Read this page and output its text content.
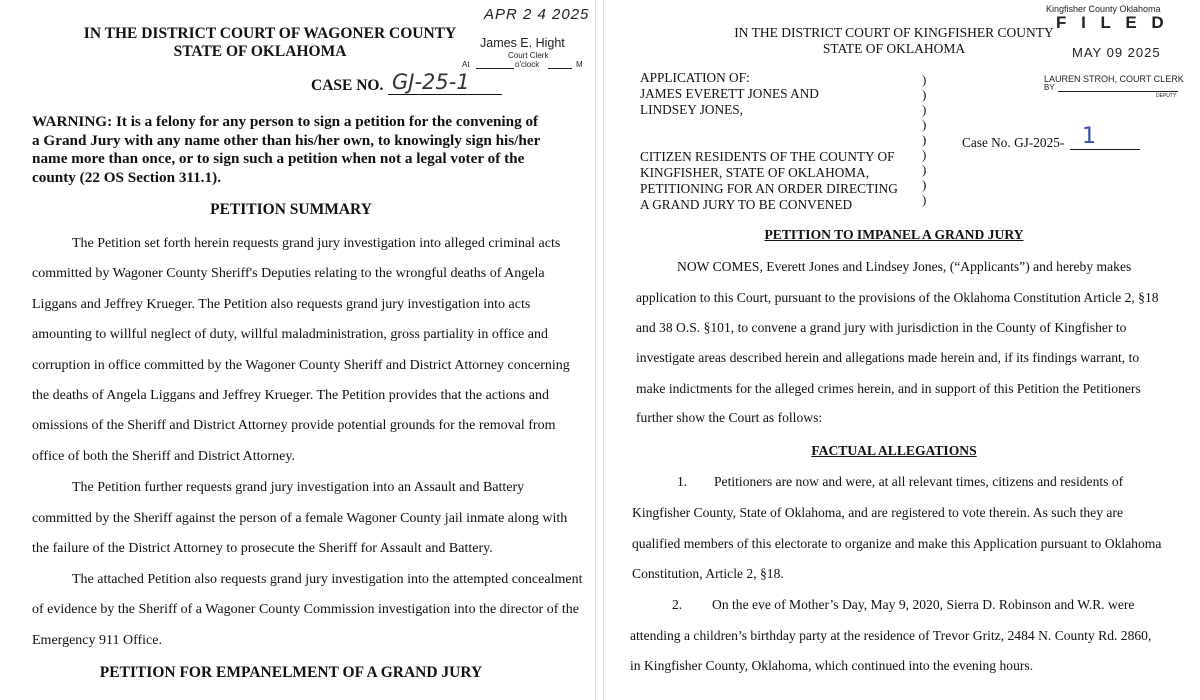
APR 2 4 2025
IN THE DISTRICT COURT OF WAGONER COUNTY
STATE OF OKLAHOMA	James E. Hight
Court Clerk
At	o'clock	M
CASE NO. GJ-25-1
WARNING: It is a felony for any person to sign a petition for the convening of
a Grand Jury with any name other than his/her own, to knowingly sign his/her
name more than once, or to sign such a petition when not a legal voter of the
county (22 OS Section 311.1).
PETITION SUMMARY
The Petition set forth herein requests grand jury investigation into alleged criminal acts
committed by Wagoner County Sheriff's Deputies relating to the wrongful deaths of Angela
Liggans and Jeffrey Krueger. The Petition also requests grand jury investigation into acts
amounting to willful neglect of duty, willful maladministration, gross partiality in office and
corruption in office committed by the Wagoner County Sheriff and District Attorney concerning
the deaths of Angela Liggans and Jeffrey Krueger. The Petition provides that the actions and
omissions of the Sheriff and District Attorney provide potential grounds for the removal from
office of both the Sheriff and District Attorney.
The Petition further requests grand jury investigation into an Assault and Battery
committed by the Sheriff against the person of a female Wagoner County jail inmate along with
the failure of the District Attorney to prosecute the Sheriff for Assault and Battery.
The attached Petition also requests grand jury investigation into the attempted concealment
of evidence by the Sheriff of a Wagoner County Commission investigation into the director of the
Emergency 911 Office.
PETITION FOR EMPANELMENT OF A GRAND JURY
Kingfisher County Oklahoma
F I L E D
MAY 09 2025
LAUREN STROH, COURT CLERK
BY
DEPUTY
IN THE DISTRICT COURT OF KINGFISHER COUNTY
STATE OF OKLAHOMA
APPLICATION OF:
JAMES EVERETT JONES AND
LINDSEY JONES,
CITIZEN RESIDENTS OF THE COUNTY OF
KINGFISHER, STATE OF OKLAHOMA,
PETITIONING FOR AN ORDER DIRECTING
A GRAND JURY TO BE CONVENED
)
)
)
)
)
)
)
)
)
Case No. GJ-2025- 1
PETITION TO IMPANEL A GRAND JURY
NOW COMES, Everett Jones and Lindsey Jones, (“Applicants”) and hereby makes
application to this Court, pursuant to the provisions of the Oklahoma Constitution Article 2, §18
and 38 O.S. §101, to convene a grand jury with jurisdiction in the County of Kingfisher to
investigate areas described herein and allegations made herein and, if its findings warrant, to
make indictments for the alleged crimes herein, and in support of this Petition the Petitioners
further show the Court as follows:
FACTUAL ALLEGATIONS
1. Petitioners are now and were, at all relevant times, citizens and residents of
Kingfisher County, State of Oklahoma, and are registered to vote therein. As such they are
qualified members of this electorate to organize and make this Application pursuant to Oklahoma
Constitution, Article 2, §18.
2. On the eve of Mother’s Day, May 9, 2020, Sierra D. Robinson and W.R. were
attending a children’s birthday party at the residence of Trevor Gritz, 2484 N. County Rd. 2860,
in Kingfisher County, Oklahoma, which continued into the evening hours.
